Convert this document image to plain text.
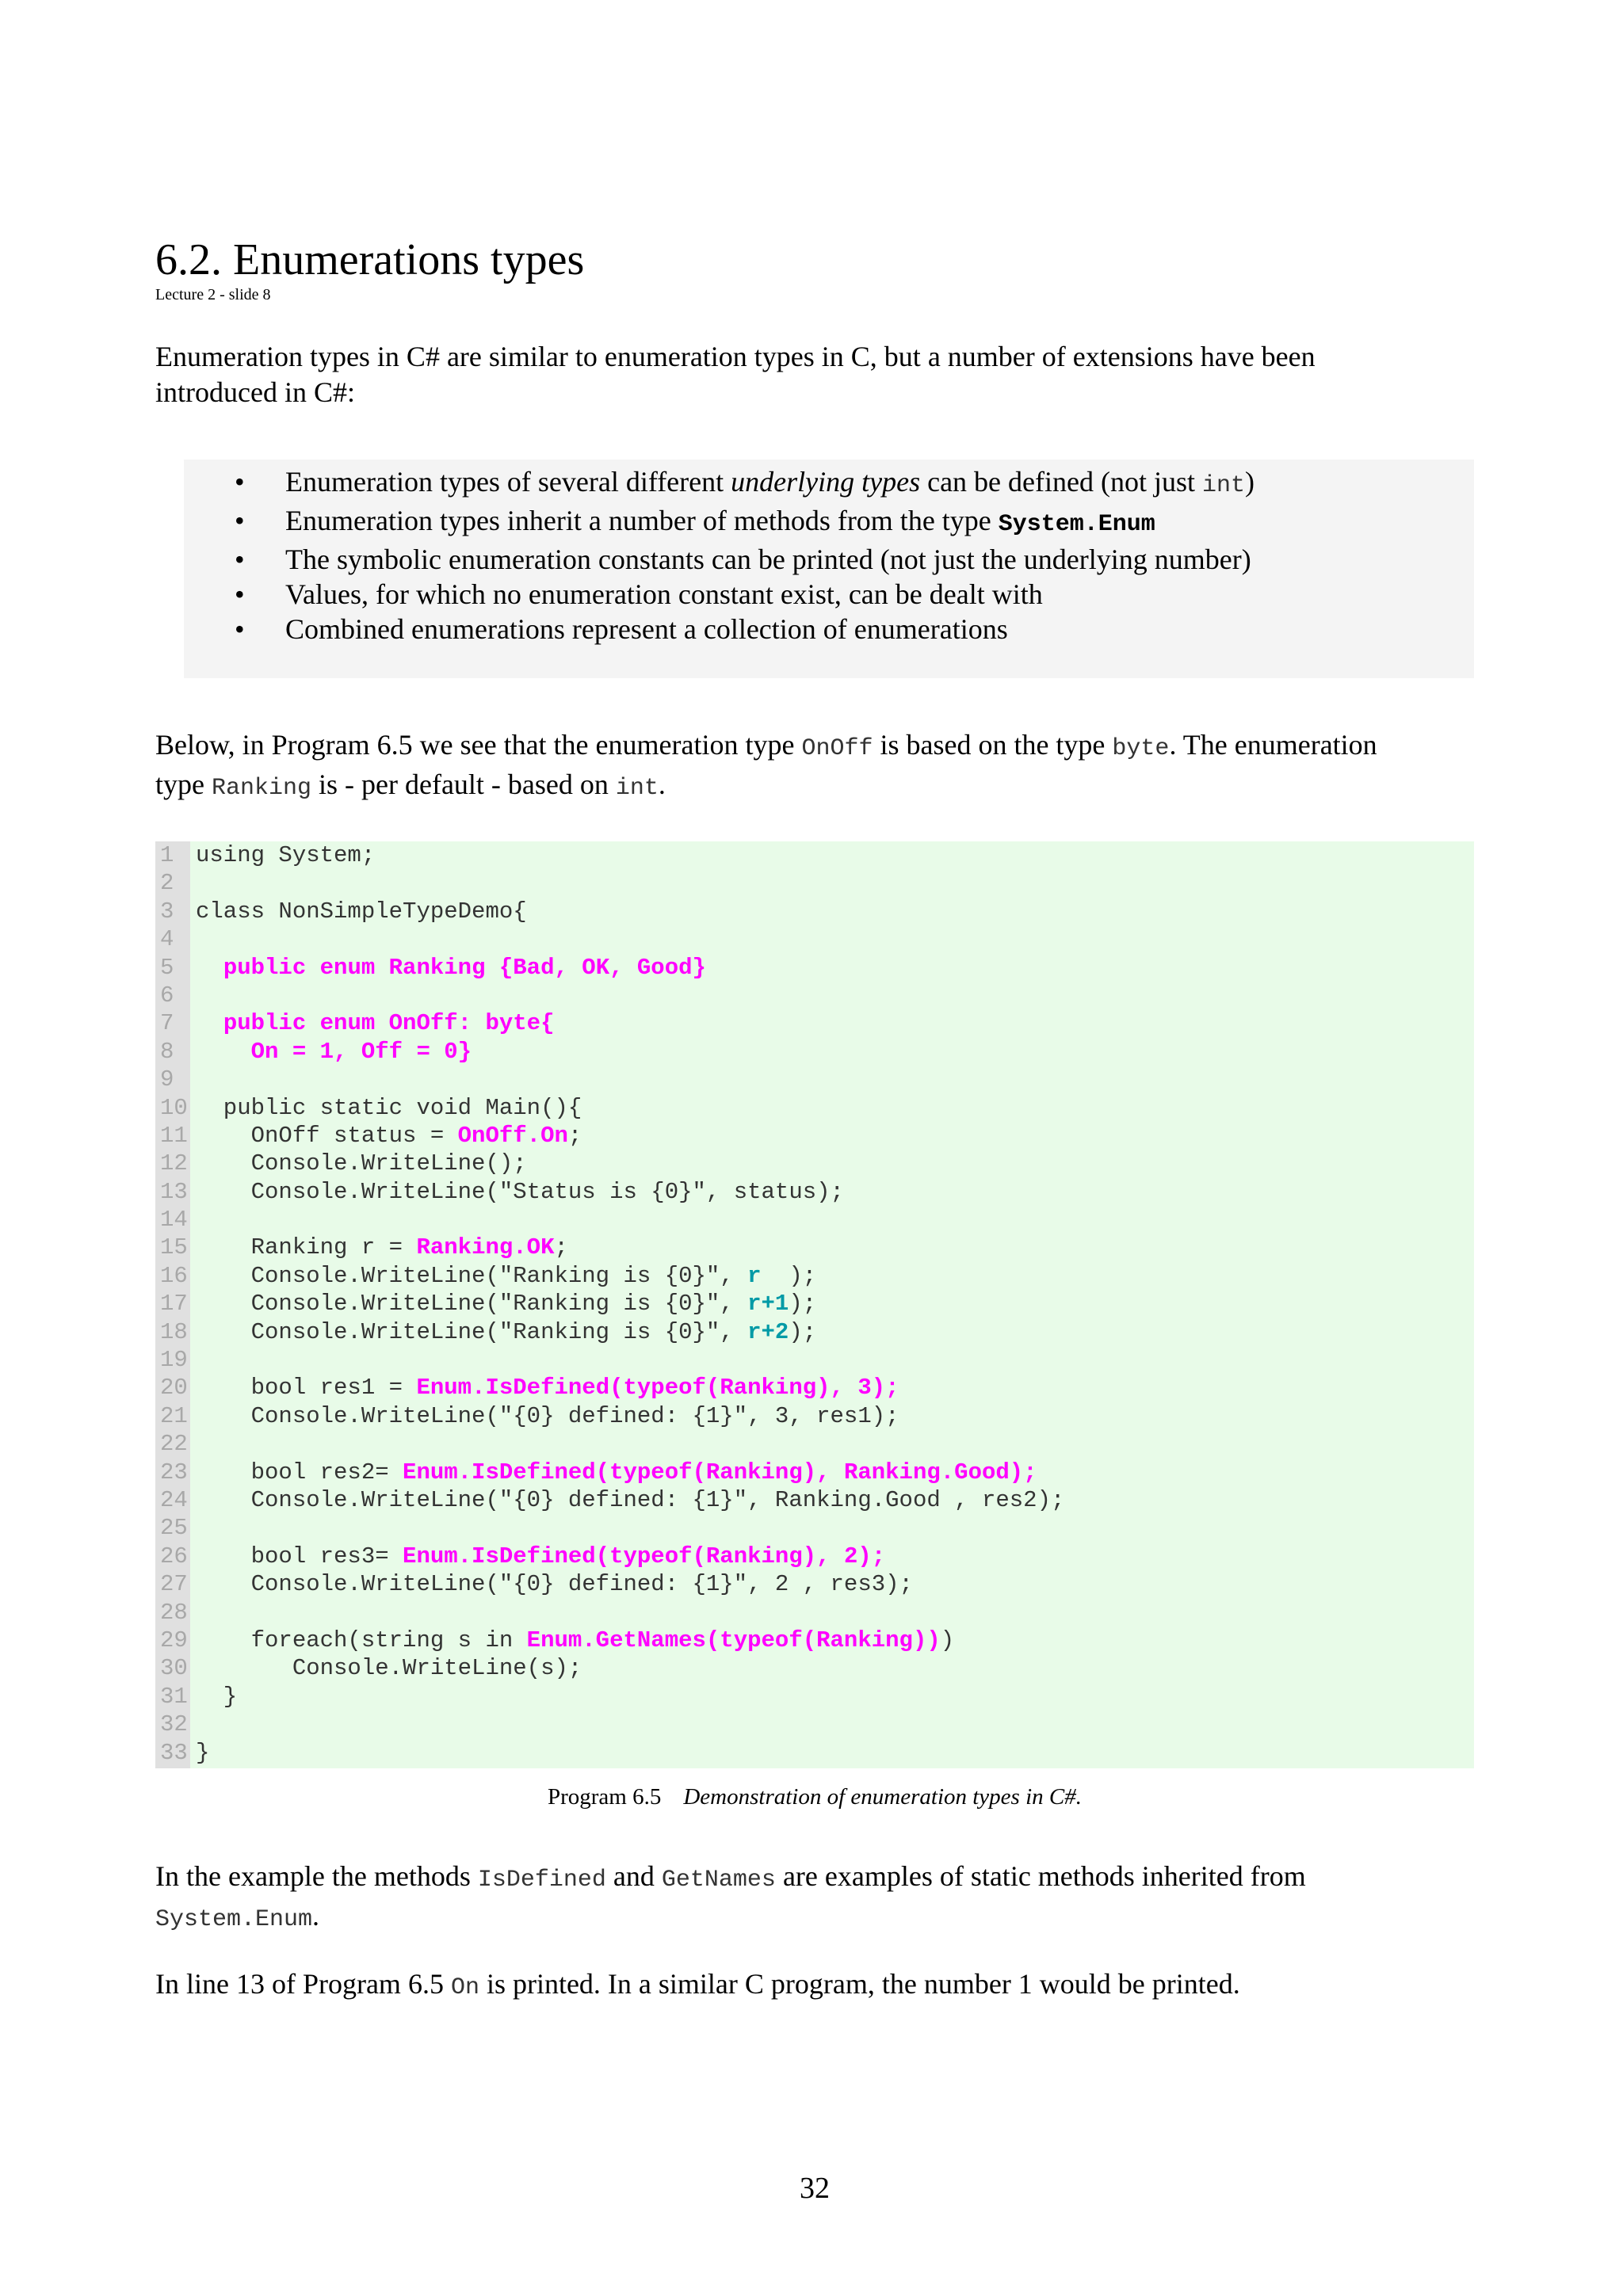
6.2. Enumerations types
Lecture 2 - slide 8

Enumeration types in C# are similar to enumeration types in C, but a number of extensions have been
introduced in C#:

• Enumeration types of several different underlying types can be defined (not just int)
• Enumeration types inherit a number of methods from the type System.Enum
• The symbolic enumeration constants can be printed (not just the underlying number)
• Values, for which no enumeration constant exist, can be dealt with
• Combined enumerations represent a collection of enumerations

Below, in Program 6.5 we see that the enumeration type OnOff is based on the type byte. The enumeration
type Ranking is - per default - based on int.

1 using System;
2
3 class NonSimpleTypeDemo{
4
5 public enum Ranking {Bad, OK, Good}
6
7 public enum OnOff: byte{
8	On = 1, Off = 0}
9
10  public static void Main(){
11    OnOff status = OnOff.On;
12    Console.WriteLine();
13    Console.WriteLine("Status is {0}", status);
14
15    Ranking r = Ranking.OK;
16    Console.WriteLine("Ranking is {0}", r  );
17    Console.WriteLine("Ranking is {0}", r+1);
18    Console.WriteLine("Ranking is {0}", r+2);
19
20    bool res1 = Enum.IsDefined(typeof(Ranking), 3);
21    Console.WriteLine("{0} defined: {1}", 3, res1);
22
23    bool res2= Enum.IsDefined(typeof(Ranking), Ranking.Good);
24    Console.WriteLine("{0} defined: {1}", Ranking.Good , res2);
25
26    bool res3= Enum.IsDefined(typeof(Ranking), 2);
27    Console.WriteLine("{0} defined: {1}", 2 , res3);
28
29    foreach(string s in Enum.GetNames(typeof(Ranking)))
30       Console.WriteLine(s);
31  }
32
33 }
Program 6.5 Demonstration of enumeration types in C#.

In the example the methods IsDefined and GetNames are examples of static methods inherited from
System.Enum.

In line 13 of Program 6.5 On is printed. In a similar C program, the number 1 would be printed.

32
